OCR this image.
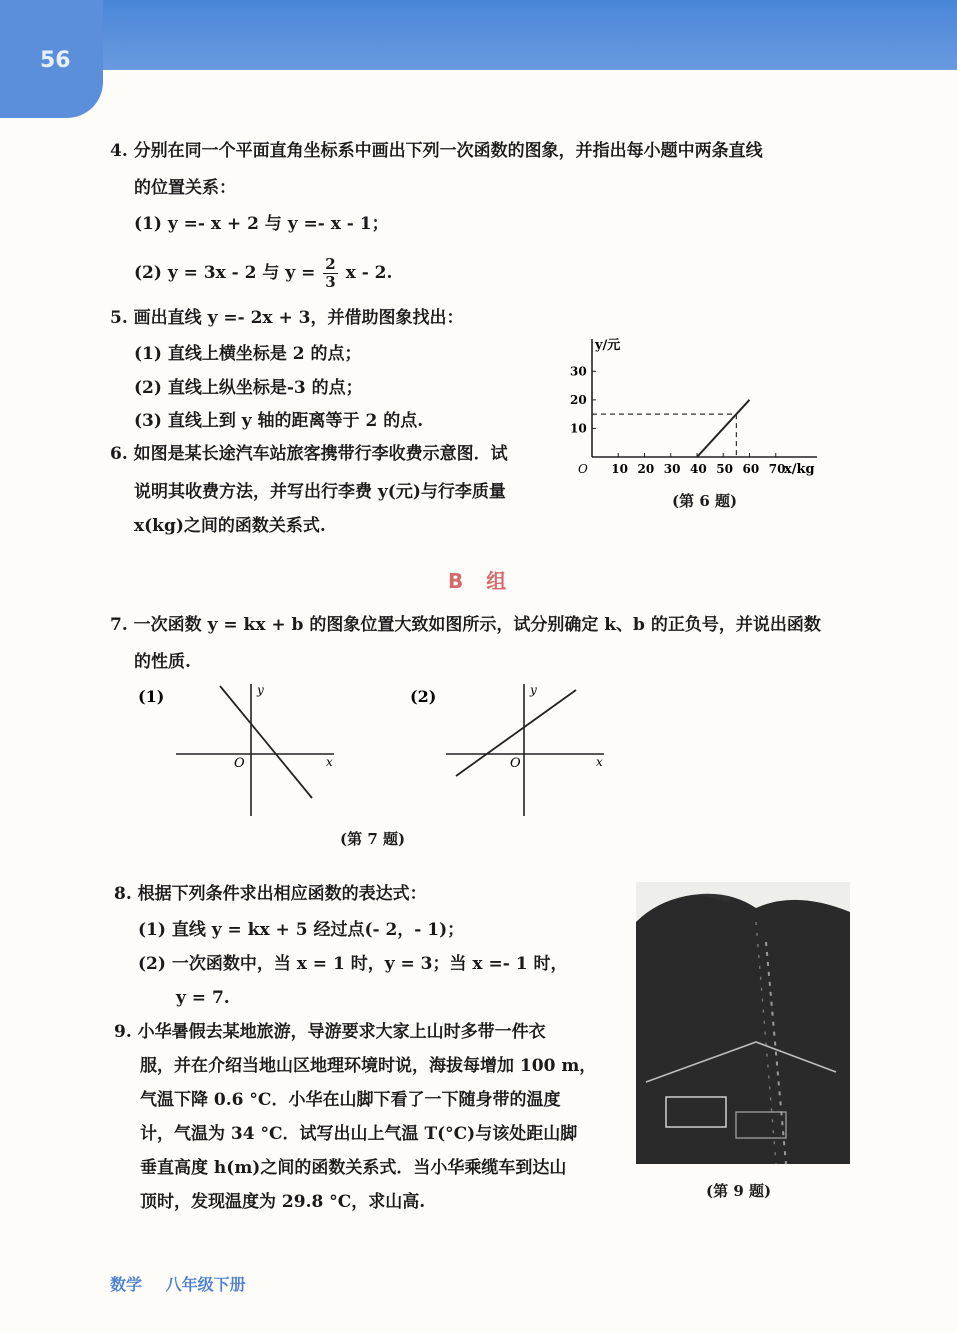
56
4. 分别在同一个平面直角坐标系中画出下列一次函数的图象，并指出每小题中两条直线
的位置关系：
(1) y =- x + 2 与 y =- x - 1；
(2) y = 3x - 2 与 $y = \frac{2}{3}$ x - 2.
5. 画出直线 y =- 2x + 3，并借助图象找出：
(1) 直线上横坐标是 2 的点；
(2) 直线上纵坐标是-3 的点；
(3) 直线上到 y 轴的距离等于 2 的点.
6. 如图是某长途汽车站旅客携带行李收费示意图．试
说明其收费方法，并写出行李费 y(元)与行李质量
x(kg)之间的函数关系式.
O
y/元
x/kg
10 20 30 40 50 60 70
10
20
30
(第 6 题)
B 组
7. 一次函数 y = kx + b 的图象位置大致如图所示，试分别确定 k、b 的正负号，并说出函数
的性质.
(1)	y
x
O
(2)	y
x
O
(第 7 题)
8. 根据下列条件求出相应函数的表达式：
(1) 直线 y = kx + 5 经过点(- 2，- 1)；
(2) 一次函数中，当 x = 1 时，y = 3；当 x =- 1 时，
y = 7.
9. 小华暑假去某地旅游，导游要求大家上山时多带一件衣
服，并在介绍当地山区地理环境时说，海拔每增加 100 m，
气温下降 0.6 °C．小华在山脚下看了一下随身带的温度
计，气温为 34 °C．试写出山上气温 T(°C)与该处距山脚
垂直高度 h(m)之间的函数关系式．当小华乘缆车到达山
顶时，发现温度为 29.8 °C，求山高.
(第 9 题)
数学 八年级下册
